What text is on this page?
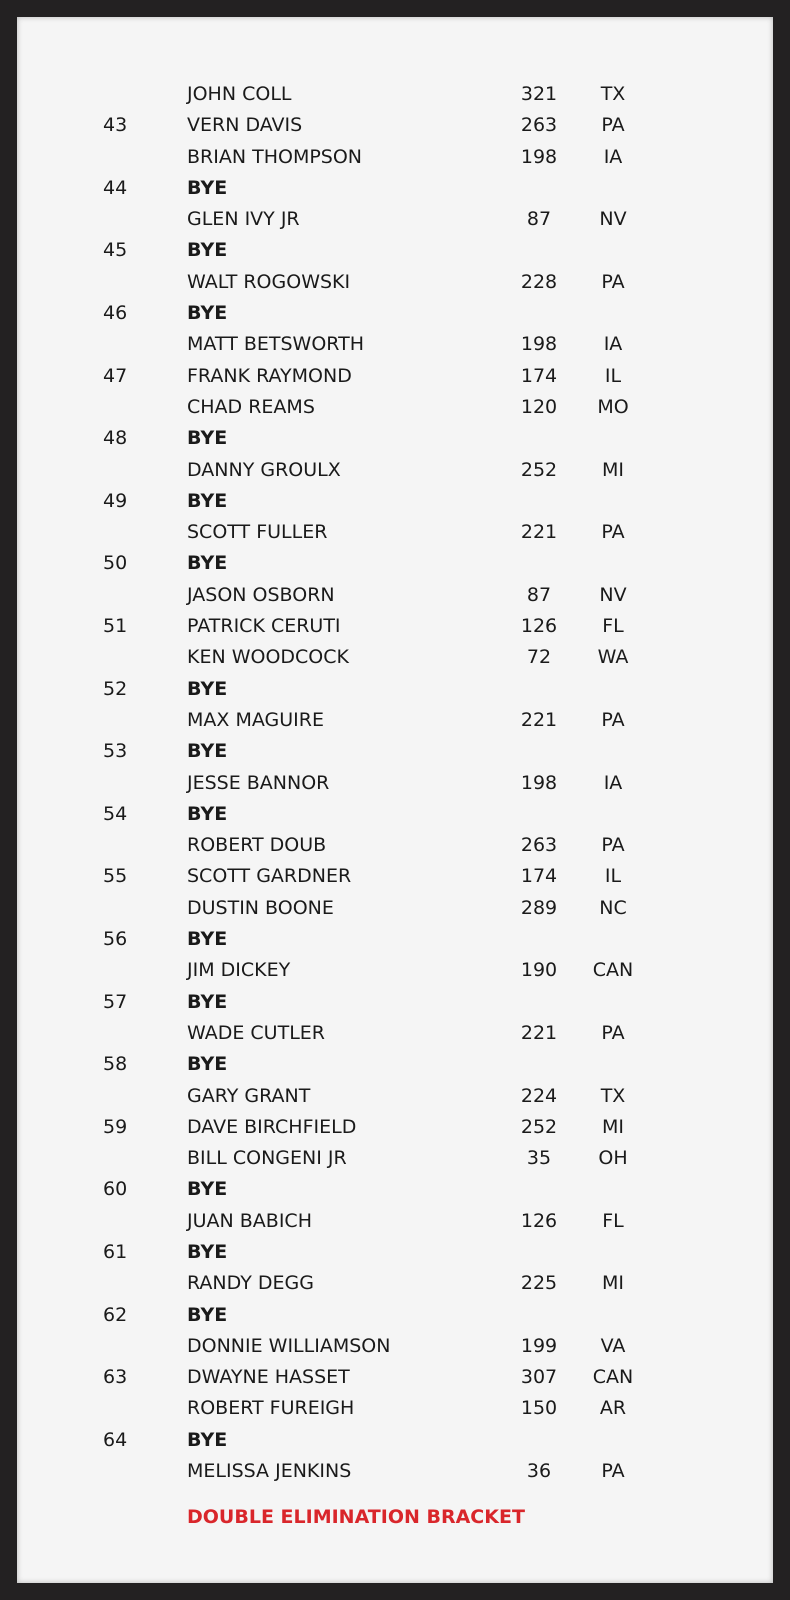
JOHN COLL	321	TX
43	VERN DAVIS	263	PA
BRIAN THOMPSON	198	IA
44	BYE
GLEN IVY JR	87	NV
45	BYE
WALT ROGOWSKI	228	PA
46	BYE
MATT BETSWORTH	198	IA
47	FRANK RAYMOND	174	IL
CHAD REAMS	120	MO
48	BYE
DANNY GROULX	252	MI
49	BYE
SCOTT FULLER	221	PA
50	BYE
JASON OSBORN	87	NV
51	PATRICK CERUTI	126	FL
KEN WOODCOCK	72	WA
52	BYE
MAX MAGUIRE	221	PA
53	BYE
JESSE BANNOR	198	IA
54	BYE
ROBERT DOUB	263	PA
55	SCOTT GARDNER	174	IL
DUSTIN BOONE	289	NC
56	BYE
JIM DICKEY	190	CAN
57	BYE
WADE CUTLER	221	PA
58	BYE
GARY GRANT	224	TX
59	DAVE BIRCHFIELD	252	MI
BILL CONGENI JR	35	OH
60	BYE
JUAN BABICH	126	FL
61	BYE
RANDY DEGG	225	MI
62	BYE
DONNIE WILLIAMSON	199	VA
63	DWAYNE HASSET	307	CAN
ROBERT FUREIGH	150	AR
64	BYE
MELISSA JENKINS	36	PA
DOUBLE ELIMINATION BRACKET
